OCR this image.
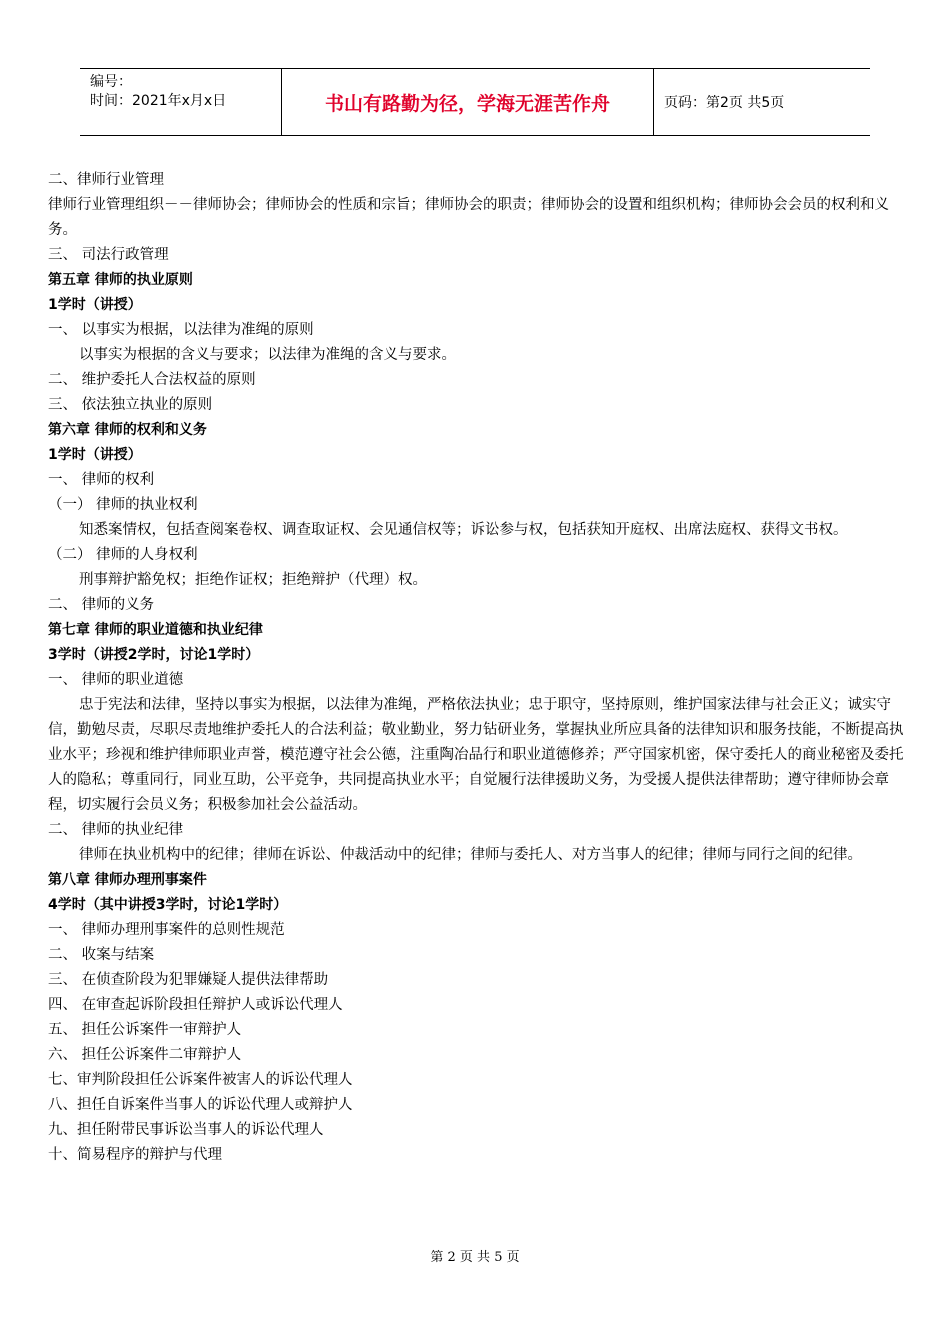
编号：
时间：2021年x月x日	书山有路勤为径，学海无涯苦作舟	页码：第2页 共5页
二、律师行业管理
律师行业管理组织－－律师协会；律师协会的性质和宗旨；律师协会的职责；律师协会的设置和组织机构；律师协会会员的权利和义务。
三、 司法行政管理
第五章 律师的执业原则
1学时（讲授）
一、 以事实为根据，以法律为准绳的原则
以事实为根据的含义与要求；以法律为准绳的含义与要求。
二、 维护委托人合法权益的原则
三、 依法独立执业的原则
第六章 律师的权利和义务
1学时（讲授）
一、 律师的权利
（一） 律师的执业权利
知悉案情权，包括查阅案卷权、调查取证权、会见通信权等；诉讼参与权，包括获知开庭权、出席法庭权、获得文书权。
（二） 律师的人身权利
刑事辩护豁免权；拒绝作证权；拒绝辩护（代理）权。
二、 律师的义务
第七章 律师的职业道德和执业纪律
3学时（讲授2学时，讨论1学时）
一、 律师的职业道德
忠于宪法和法律，坚持以事实为根据，以法律为准绳，严格依法执业；忠于职守，坚持原则，维护国家法律与社会正义；诚实守信，勤勉尽责，尽职尽责地维护委托人的合法利益；敬业勤业，努力钻研业务，掌握执业所应具备的法律知识和服务技能，不断提高执业水平；珍视和维护律师职业声誉，模范遵守社会公德，注重陶冶品行和职业道德修养；严守国家机密，保守委托人的商业秘密及委托人的隐私；尊重同行，同业互助，公平竞争，共同提高执业水平；自觉履行法律援助义务，为受援人提供法律帮助；遵守律师协会章程，切实履行会员义务；积极参加社会公益活动。
二、 律师的执业纪律
律师在执业机构中的纪律；律师在诉讼、仲裁活动中的纪律；律师与委托人、对方当事人的纪律；律师与同行之间的纪律。
第八章 律师办理刑事案件
4学时（其中讲授3学时，讨论1学时）
一、 律师办理刑事案件的总则性规范
二、 收案与结案
三、 在侦查阶段为犯罪嫌疑人提供法律帮助
四、 在审查起诉阶段担任辩护人或诉讼代理人
五、 担任公诉案件一审辩护人
六、 担任公诉案件二审辩护人
七、审判阶段担任公诉案件被害人的诉讼代理人
八、担任自诉案件当事人的诉讼代理人或辩护人
九、担任附带民事诉讼当事人的诉讼代理人
十、简易程序的辩护与代理
第 2 页 共 5 页
